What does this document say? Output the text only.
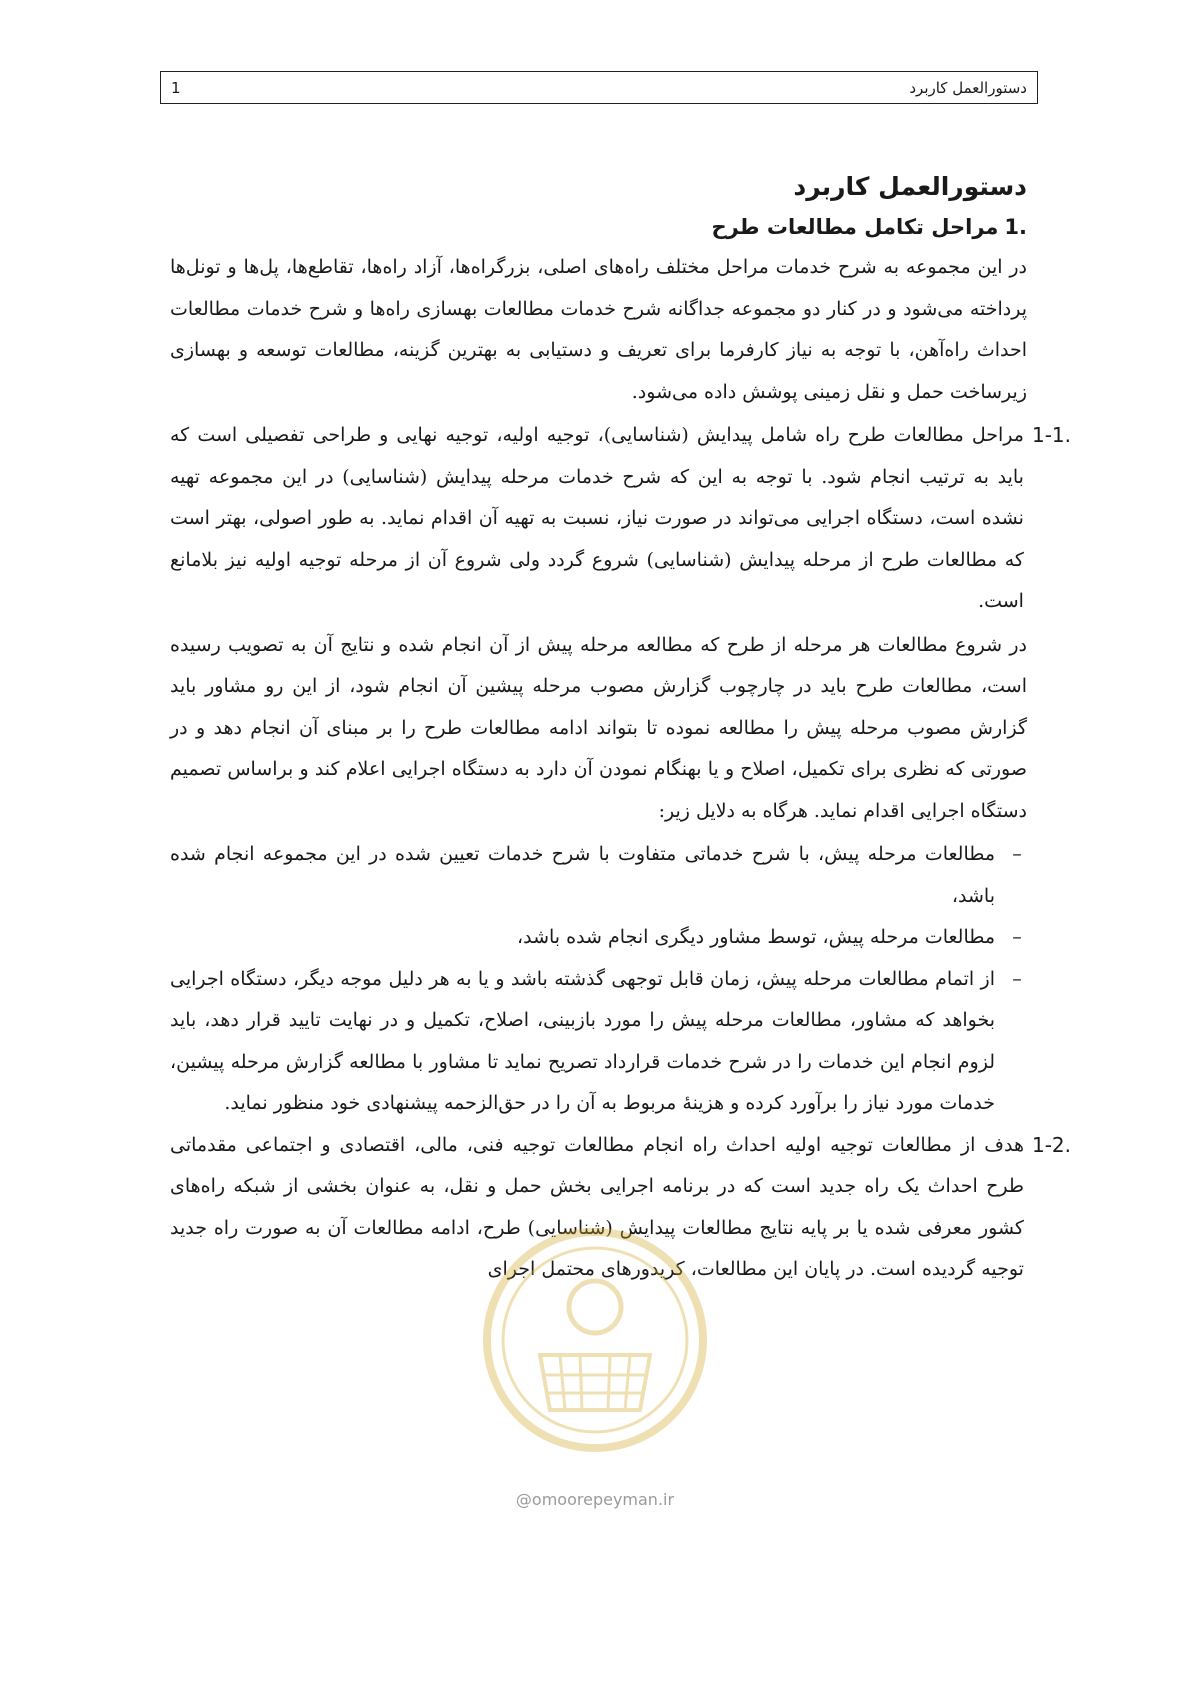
دستورالعمل کاربرد
1
دستورالعمل کاربرد
1.
مراحل تکامل مطالعات طرح

در این مجموعه به شرح خدمات مراحل مختلف راه‌های اصلی، بزرگراه‌ها، آزاد راه‌ها، تقاطع‌ها، پل‌ها و تونل‌ها پرداخته می‌شود و در کنار دو مجموعه جداگانه شرح خدمات مطالعات بهسازی راه‌ها و شرح خدمات مطالعات احداث راه‌آهن، با توجه به نیاز کارفرما برای تعریف و دستیابی به بهترین گزینه، مطالعات توسعه و بهسازی زیرساخت حمل و نقل زمینی پوشش داده می‌شود.

1-1.

مراحل مطالعات طرح راه شامل پیدایش (شناسایی)، توجیه اولیه، توجیه نهایی و طراحی تفصیلی است که باید به ترتیب انجام شود. با توجه به این که شرح خدمات مرحله پیدایش (شناسایی) در این مجموعه تهیه نشده است، دستگاه اجرایی می‌تواند در صورت نیاز، نسبت به تهیه آن اقدام نماید. به طور اصولی، بهتر است که مطالعات طرح از مرحله پیدایش (شناسایی) شروع گردد ولی شروع آن از مرحله توجیه اولیه نیز بلامانع است.

در شروع مطالعات هر مرحله از طرح که مطالعه مرحله پیش از آن انجام شده و نتایج آن به تصویب رسیده است، مطالعات طرح باید در چارچوب گزارش مصوب مرحله پیشین آن انجام شود، از این رو مشاور باید گزارش مصوب مرحله پیش را مطالعه نموده تا بتواند ادامه مطالعات طرح را بر مبنای آن انجام دهد و در صورتی که نظری برای تکمیل، اصلاح و یا بهنگام نمودن آن دارد به دستگاه اجرایی اعلام کند و براساس تصمیم دستگاه اجرایی اقدام نماید. هرگاه به دلایل زیر:

–
مطالعات مرحله پیش، با شرح خدماتی متفاوت با شرح خدمات تعیین شده در این مجموعه انجام شده باشد،
–
مطالعات مرحله پیش، توسط مشاور دیگری انجام شده باشد،
–
از اتمام مطالعات مرحله پیش، زمان قابل توجهی گذشته باشد و یا به هر دلیل موجه دیگر، دستگاه اجرایی بخواهد که مشاور، مطالعات مرحله پیش را مورد بازبینی، اصلاح، تکمیل و در نهایت تایید قرار دهد، باید لزوم انجام این خدمات را در شرح خدمات قرارداد تصریح نماید تا مشاور با مطالعه گزارش مرحله پیشین، خدمات مورد نیاز را برآورد کرده و هزینهٔ مربوط به آن را در حق‌الزحمه پیشنهادی خود منظور نماید.
1-2.

هدف از مطالعات توجیه اولیه احداث راه انجام مطالعات توجیه فنی، مالی، اقتصادی و اجتماعی مقدماتی طرح احداث یک راه جدید است که در برنامه اجرایی بخش حمل و نقل، به عنوان بخشی از شبکه راه‌های کشور معرفی شده یا بر پایه نتایج مطالعات پیدایش (شناسایی) طرح، ادامه مطالعات آن به صورت راه جدید توجیه گردیده است. در پایان این مطالعات، کریدورهای محتمل اجرای

@omoorepeyman.ir
